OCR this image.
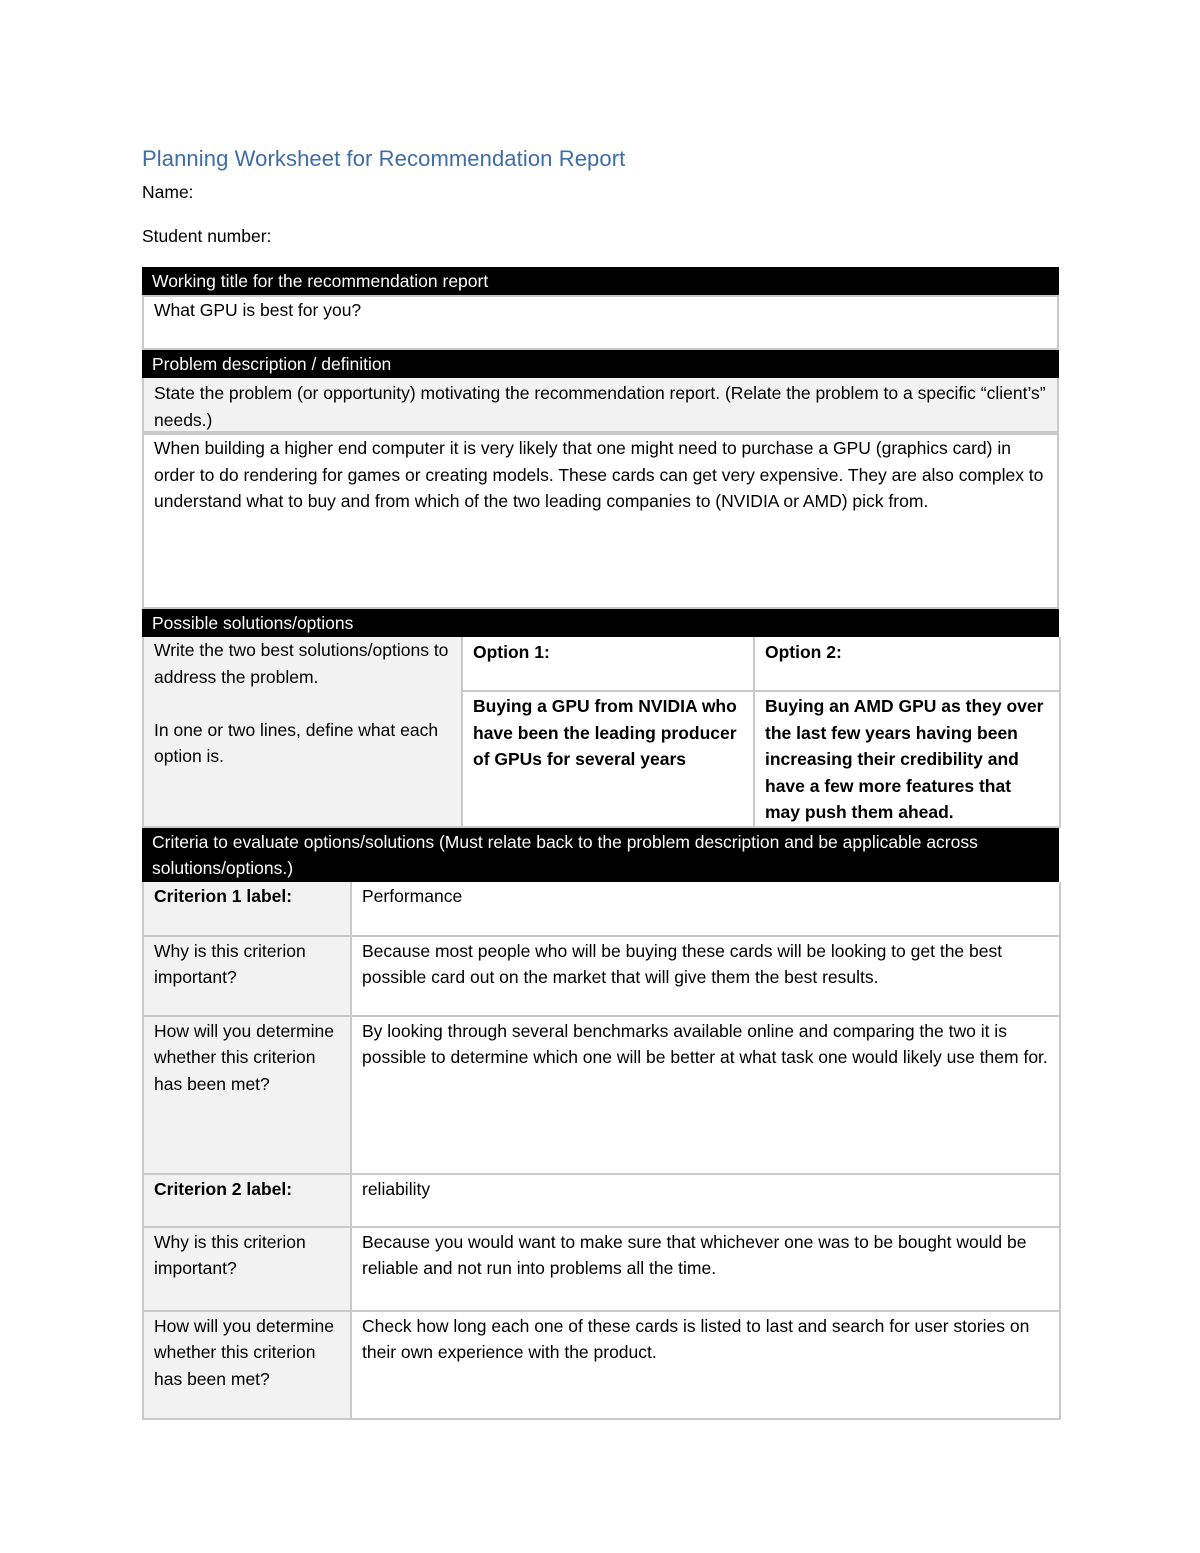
Planning Worksheet for Recommendation Report
Name:
Student number:
Working title for the recommendation report
What GPU is best for you?
Problem description / definition
State the problem (or opportunity) motivating the recommendation report. (Relate the problem to a specific “client’s” needs.)
When building a higher end computer it is very likely that one might need to purchase a GPU (graphics card) in order to do rendering for games or creating models. These cards can get very expensive. They are also complex to understand what to buy and from which of the two leading companies to (NVIDIA or AMD) pick from.
Possible solutions/options
Write the two best solutions/options to address the problem.
In one or two lines, define what each option is.	Option 1:	Option 2:
	Buying a GPU from NVIDIA who have been the leading producer of GPUs for several years	Buying an AMD GPU as they over the last few years having been increasing their credibility and have a few more features that may push them ahead.
Criteria to evaluate options/solutions (Must relate back to the problem description and be applicable across solutions/options.)
Criterion 1 label:	Performance
Why is this criterion important?	Because most people who will be buying these cards will be looking to get the best possible card out on the market that will give them the best results.
How will you determine whether this criterion has been met?	By looking through several benchmarks available online and comparing the two it is possible to determine which one will be better at what task one would likely use them for.
Criterion 2 label:	reliability
Why is this criterion important?	Because you would want to make sure that whichever one was to be bought would be reliable and not run into problems all the time.
How will you determine whether this criterion has been met?	Check how long each one of these cards is listed to last and search for user stories on their own experience with the product.
